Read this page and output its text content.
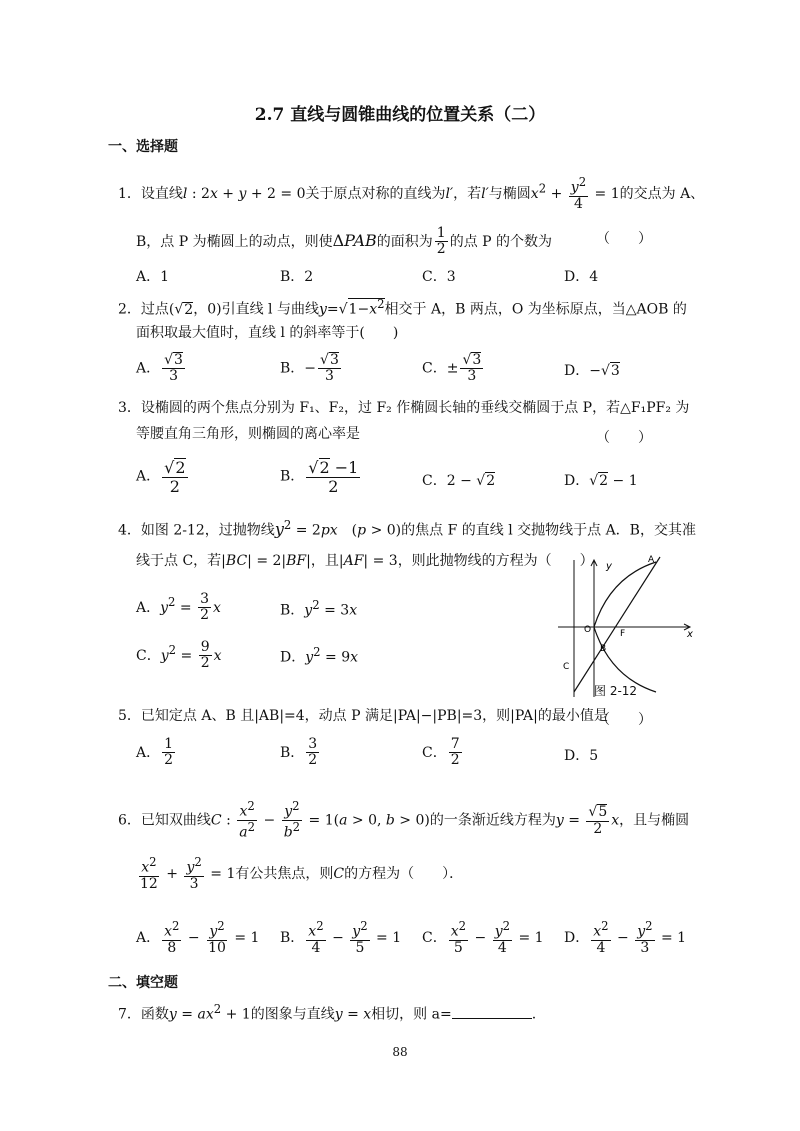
2.7 直线与圆锥曲线的位置关系（二）
一、选择题
1．设直线l : 2x + y + 2 = 0关于原点对称的直线为l′，若l′与椭圆$x^2 + \frac{y^2}{4} = 1$的交点为 A、
B，点 P 为椭圆上的动点，则使ΔPAB的面积为 $\frac{1}{2}$ 的点 P 的个数为	（　　）
A．1	B．2	C．3	D．4
2．过点(√2，0)引直线 l 与曲线$y=√1-x^2$相交于 A，B 两点，O 为坐标原点，当△AOB 的
面积取最大值时，直线 l 的斜率等于(　　)
A． $\frac{√3}{3}$	B．− $\frac{√3}{3}$	C．± $\frac{√3}{3}$	D．−√3
3．设椭圆的两个焦点分别为 F₁、F₂，过 F₂ 作椭圆长轴的垂线交椭圆于点 P，若△F₁PF₂ 为
等腰直角三角形，则椭圆的离心率是	（　　）
A． $\frac{√2}{2}$	B． $\frac{√2 -1}{2}$	C．2 − √2	D．√2 − 1
4．如图 2-12，过抛物线$y^2 = 2px$　(p > 0)的焦点 F 的直线 l 交抛物线于点 A．B，交其准
线于点 C，若|BC| = 2|BF|，且|AF| = 3，则此抛物线的方程为（　　）
A．$y^2 = \frac{3}{2}$ x	B．$y^2 = 3x$
C．$y^2 = \frac{9}{2}$ x	D．$y^2 = 9x$
A
y
O	F
B
C
x
图 2-12
5．已知定点 A、B 且|AB|=4，动点 P 满足|PA|−|PB|=3，则|PA|的最小值是
（　　）
A． $\frac{1}{2}$	B． $\frac{3}{2}$	C． $\frac{7}{2}$	D．5
6．已知双曲线C : $\frac{x^2}{a^2} - \frac{y^2}{b^2} = 1(a > 0$, b > 0)的一条渐近线方程为$y = \frac{√5}{2}$ x，且与椭圆
$\frac{x^2}{12} + \frac{y^2}{3} = 1$有公共焦点，则C的方程为（　　）．
A． $\frac{x^2}{8} - \frac{y^2}{10} = 1$ B． $\frac{x^2}{4} - \frac{y^2}{5} = 1$ C． $\frac{x^2}{5} - \frac{y^2}{4} = 1$ D． $\frac{x^2}{4} - \frac{y^2}{3} = 1$
二、填空题
7．函数$y = ax^2 + 1$的图象与直线y = x相切，则 a=	.
88
